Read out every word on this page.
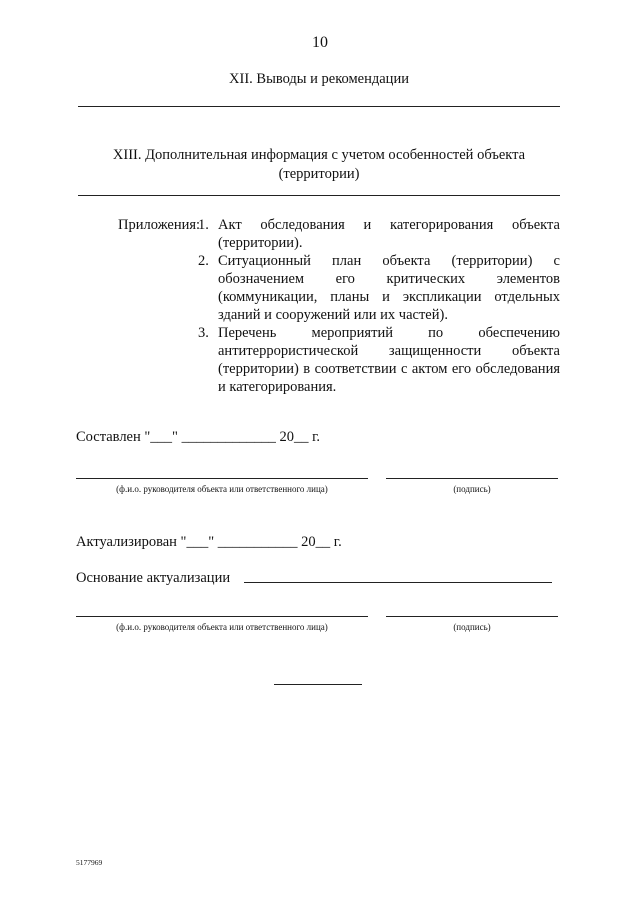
10
XII. Выводы и рекомендации
XIII. Дополнительная информация с учетом особенностей объекта
(территории)
Приложения:
1. Акт обследования и категорирования объекта (территории).
2. Ситуационный план объекта (территории) с обозначением его критических элементов (коммуникации, планы и экспликации отдельных зданий и сооружений или их частей).
3. Перечень мероприятий по обеспечению антитеррористической защищенности объекта (территории) в соответствии с актом его обследования и категорирования.
Составлен "___" _____________ 20__ г.
(ф.и.о. руководителя объекта или ответственного лица)	(подпись)
Актуализирован "___" ___________ 20__ г.
Основание актуализации
(ф.и.о. руководителя объекта или ответственного лица)	(подпись)
5177969
